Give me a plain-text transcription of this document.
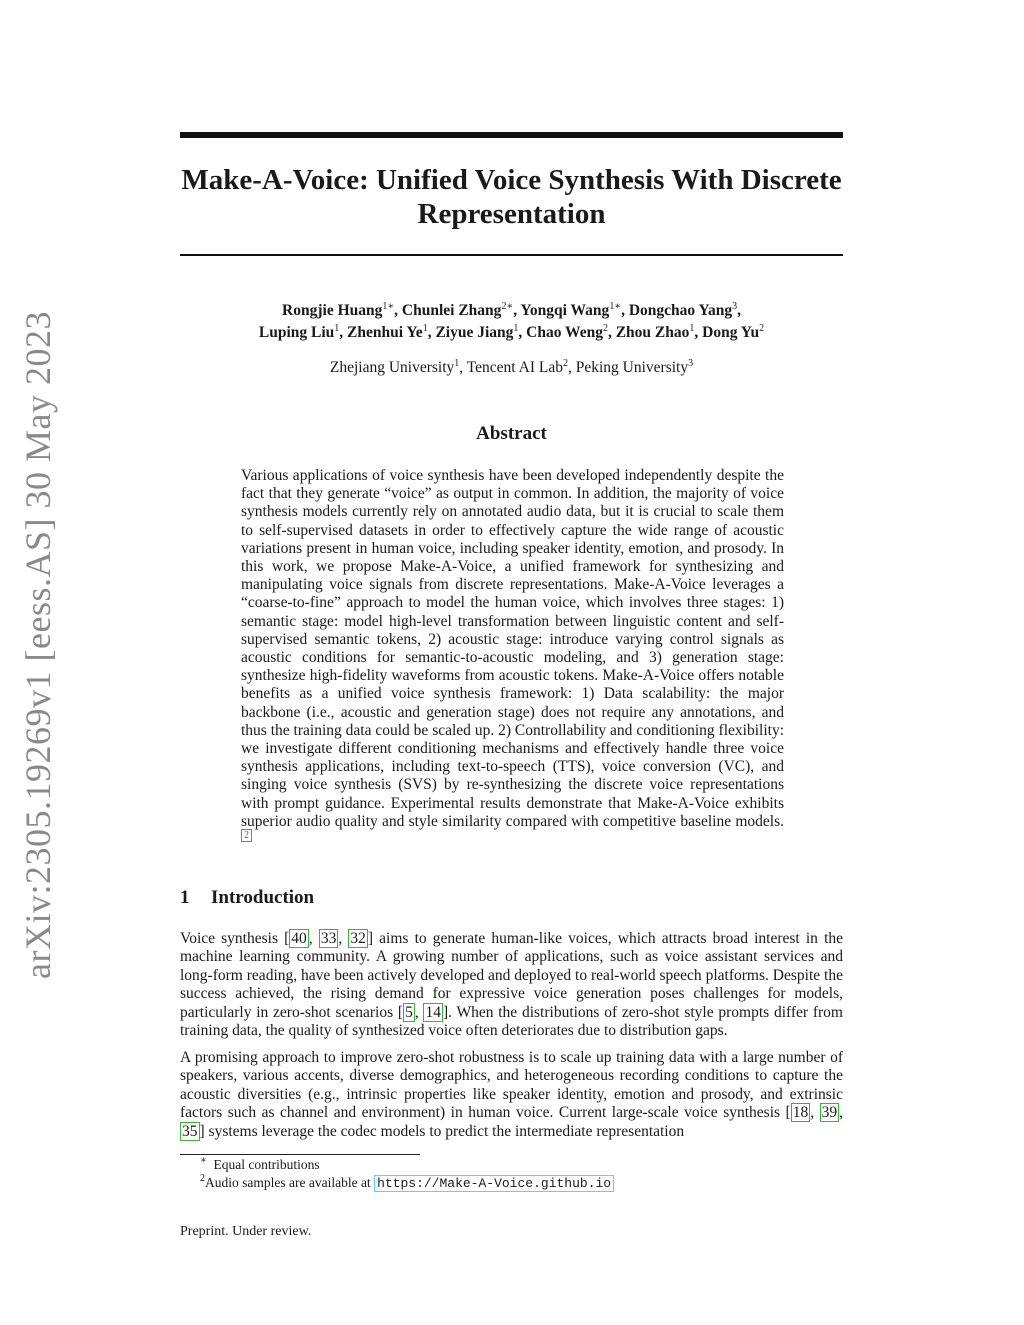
arXiv:2305.19269v1 [eess.AS] 30 May 2023
Make-A-Voice: Unified Voice Synthesis With Discrete
Representation
Rongjie Huang$^{1∗}$, Chunlei Zhang$^{2∗}$, Yongqi Wang$^{1∗}$, Dongchao Yang$^3$,
Luping Liu$^1$, Zhenhui Ye$^1$, Ziyue Jiang$^1$, Chao Weng$^2$, Zhou Zhao$^1$, Dong Yu$^2$
Zhejiang University$^1$, Tencent AI Lab$^2$, Peking University$^3$
Abstract
Various applications of voice synthesis have been developed independently despite the fact that they generate “voice” as output in common. In addition, the majority of voice synthesis models currently rely on annotated audio data, but it is crucial to scale them to self-supervised datasets in order to effectively capture the wide range of acoustic variations present in human voice, including speaker identity, emotion, and prosody. In this work, we propose Make-A-Voice, a unified framework for synthesizing and manipulating voice signals from discrete representations. Make-A-Voice leverages a “coarse-to-fine” approach to model the human voice, which involves three stages: 1) semantic stage: model high-level transformation between linguistic content and self-supervised semantic tokens, 2) acoustic stage: introduce varying control signals as acoustic conditions for semantic-to-acoustic modeling, and 3) generation stage: synthesize high-fidelity waveforms from acoustic tokens. Make-A-Voice offers notable benefits as a unified voice synthesis framework: 1) Data scalability: the major backbone (i.e., acoustic and generation stage) does not require any annotations, and thus the training data could be scaled up. 2) Controllability and conditioning flexibility: we investigate different conditioning mechanisms and effectively handle three voice synthesis applications, including text-to-speech (TTS), voice conversion (VC), and singing voice synthesis (SVS) by re-synthesizing the discrete voice representations with prompt guidance. Experimental results demonstrate that Make-A-Voice exhibits superior audio quality and style similarity compared with competitive baseline models. $^2$
1 Introduction

Voice synthesis [ 40 , 33 , 32 ] aims to generate human-like voices, which attracts broad interest in the machine learning community. A growing number of applications, such as voice assistant services and long-form reading, have been actively developed and deployed to real-world speech platforms. Despite the success achieved, the rising demand for expressive voice generation poses challenges for models, particularly in zero-shot scenarios [ 5 , 14 ]. When the distributions of zero-shot style prompts differ from training data, the quality of synthesized voice often deteriorates due to distribution gaps.

A promising approach to improve zero-shot robustness is to scale up training data with a large number of speakers, various accents, diverse demographics, and heterogeneous recording conditions to capture the acoustic diversities (e.g., intrinsic properties like speaker identity, emotion and prosody, and extrinsic factors such as channel and environment) in human voice. Current large-scale voice synthesis [ 18 , 39 , 35 ] systems leverage the codec models to predict the intermediate representation

∗ Equal contributions
$^2$Audio samples are available at https://Make-A-Voice.github.io
Preprint. Under review.
